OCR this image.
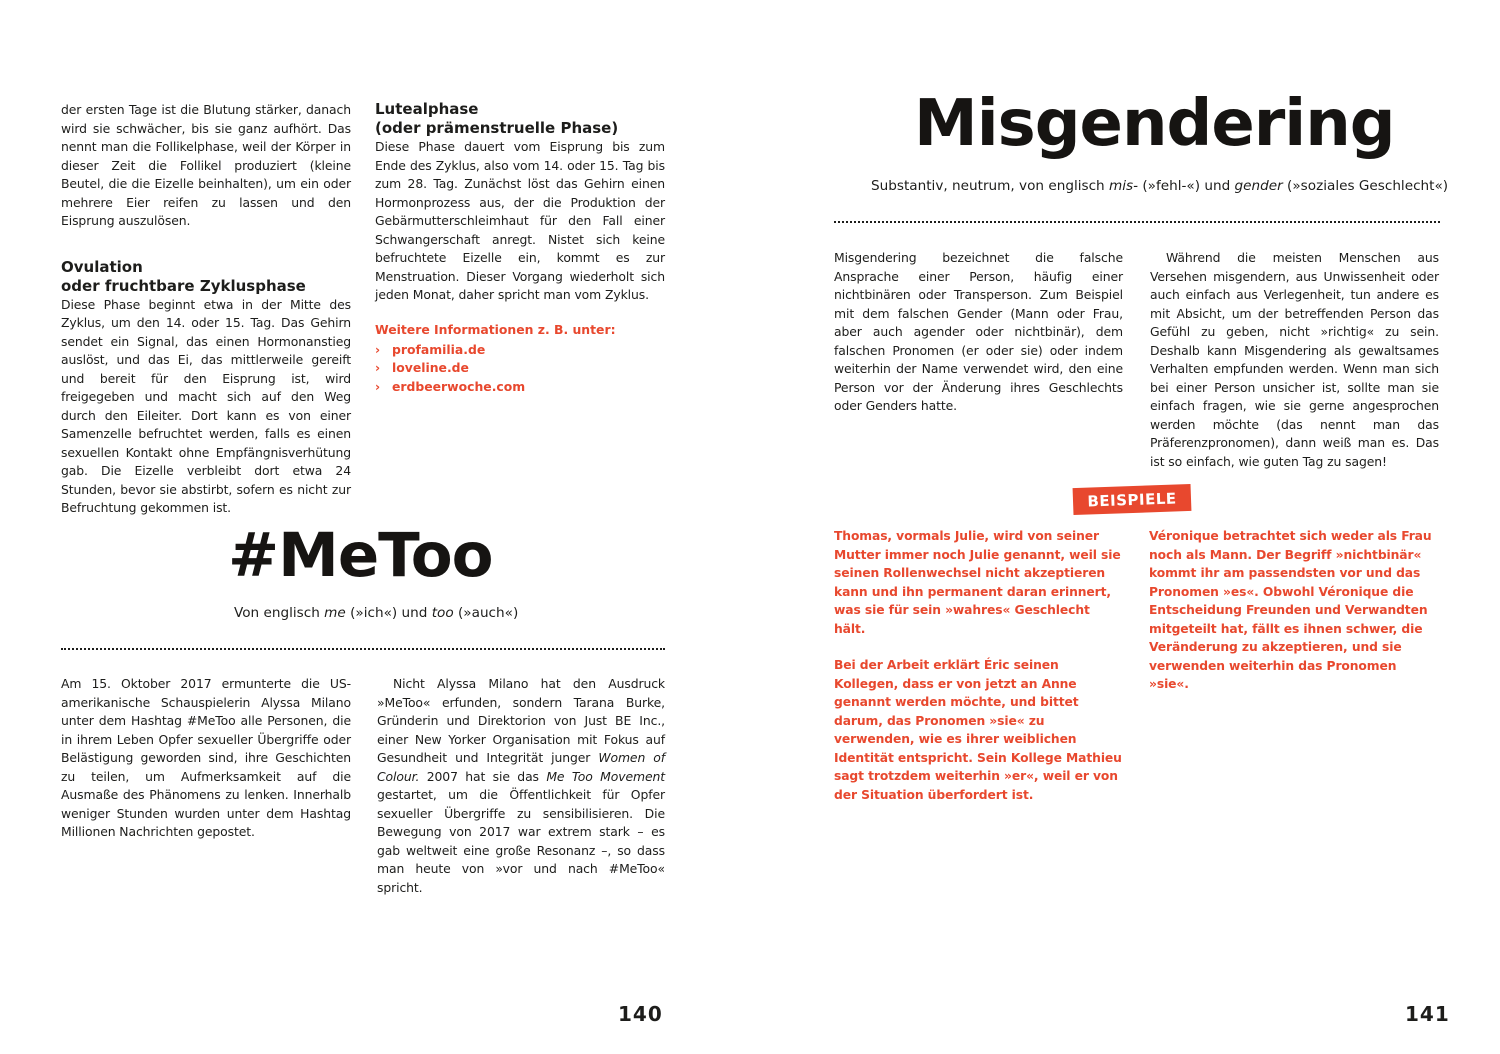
der ersten Tage ist die Blutung stärker, danach wird sie schwächer, bis sie ganz aufhört. Das nennt man die Follikelphase, weil der Körper in dieser Zeit die Follikel produziert (kleine Beutel, die die Eizelle beinhalten), um ein oder mehrere Eier reifen zu lassen und den Eisprung auszulösen.

Ovulation
oder fruchtbare Zyklusphase

Diese Phase beginnt etwa in der Mitte des Zyklus, um den 14. oder 15. Tag. Das Gehirn sendet ein Signal, das einen Hormonanstieg auslöst, und das Ei, das mittlerweile gereift und bereit für den Eisprung ist, wird freigegeben und macht sich auf den Weg durch den Eileiter. Dort kann es von einer Samenzelle befruchtet werden, falls es einen sexuellen Kontakt ohne Empfängnisverhütung gab. Die Eizelle verbleibt dort etwa 24 Stunden, bevor sie abstirbt, sofern es nicht zur Befruchtung gekommen ist.

Lutealphase
(oder prämenstruelle Phase)

Diese Phase dauert vom Eisprung bis zum Ende des Zyklus, also vom 14. oder 15. Tag bis zum 28. Tag. Zunächst löst das Gehirn einen Hormonprozess aus, der die Produktion der Gebärmutterschleimhaut für den Fall einer Schwangerschaft anregt. Nistet sich keine befruchtete Eizelle ein, kommt es zur Menstruation. Dieser Vorgang wiederholt sich jeden Monat, daher spricht man vom Zyklus.

Weitere Informationen z. B. unter:
› profamilia.de
› loveline.de
› erdbeerwoche.com
#MeToo
Von englisch me (»ich«) und too (»auch«)

Am 15. Oktober 2017 ermunterte die US-amerikanische Schauspielerin Alyssa Milano unter dem Hashtag #MeToo alle Personen, die in ihrem Leben Opfer sexueller Übergriffe oder Belästigung geworden sind, ihre Geschichten zu teilen, um Aufmerksamkeit auf die Ausmaße des Phänomens zu lenken. Innerhalb weniger Stunden wurden unter dem Hashtag Millionen Nachrichten gepostet.

Nicht Alyssa Milano hat den Ausdruck »MeToo« erfunden, sondern Tarana Burke, Gründerin und Direktorion von Just BE Inc., einer New Yorker Organisation mit Fokus auf Gesundheit und Integrität junger Women of Colour. 2007 hat sie das Me Too Movement gestartet, um die Öffentlichkeit für Opfer sexueller Übergriffe zu sensibilisieren. Die Bewegung von 2017 war extrem stark – es gab weltweit eine große Resonanz –, so dass man heute von »vor und nach #MeToo« spricht.

140
Misgendering
Substantiv, neutrum, von englisch mis- (»fehl-«) und gender (»soziales Geschlecht«)

Misgendering bezeichnet die falsche Ansprache einer Person, häufig einer nichtbinären oder Transperson. Zum Beispiel mit dem falschen Gender (Mann oder Frau, aber auch agender oder nichtbinär), dem falschen Pronomen (er oder sie) oder indem weiterhin der Name verwendet wird, den eine Person vor der Änderung ihres Geschlechts oder Genders hatte.

Während die meisten Menschen aus Versehen misgendern, aus Unwissenheit oder auch einfach aus Verlegenheit, tun andere es mit Absicht, um der betreffenden Person das Gefühl zu geben, nicht »richtig« zu sein. Deshalb kann Misgendering als gewaltsames Verhalten empfunden werden. Wenn man sich bei einer Person unsicher ist, sollte man sie einfach fragen, wie sie gerne angesprochen werden möchte (das nennt man das Präferenzpronomen), dann weiß man es. Das ist so einfach, wie guten Tag zu sagen!

Thomas, vormals Julie, wird von seiner Mutter immer noch Julie genannt, weil sie seinen Rollenwechsel nicht akzeptieren kann und ihn permanent daran erinnert, was sie für sein »wahres« Geschlecht hält.

Bei der Arbeit erklärt Éric seinen Kollegen, dass er von jetzt an Anne genannt werden möchte, und bittet darum, das Pronomen »sie« zu verwenden, wie es ihrer weiblichen Identität entspricht. Sein Kollege Mathieu sagt trotzdem weiterhin »er«, weil er von der Situation überfordert ist.

Véronique betrachtet sich weder als Frau noch als Mann. Der Begriff »nichtbinär« kommt ihr am passendsten vor und das Pronomen »es«. Obwohl Véronique die Entscheidung Freunden und Verwandten mitgeteilt hat, fällt es ihnen schwer, die Veränderung zu akzeptieren, und sie verwenden weiterhin das Pronomen »sie«.

141
BEISPIELE
